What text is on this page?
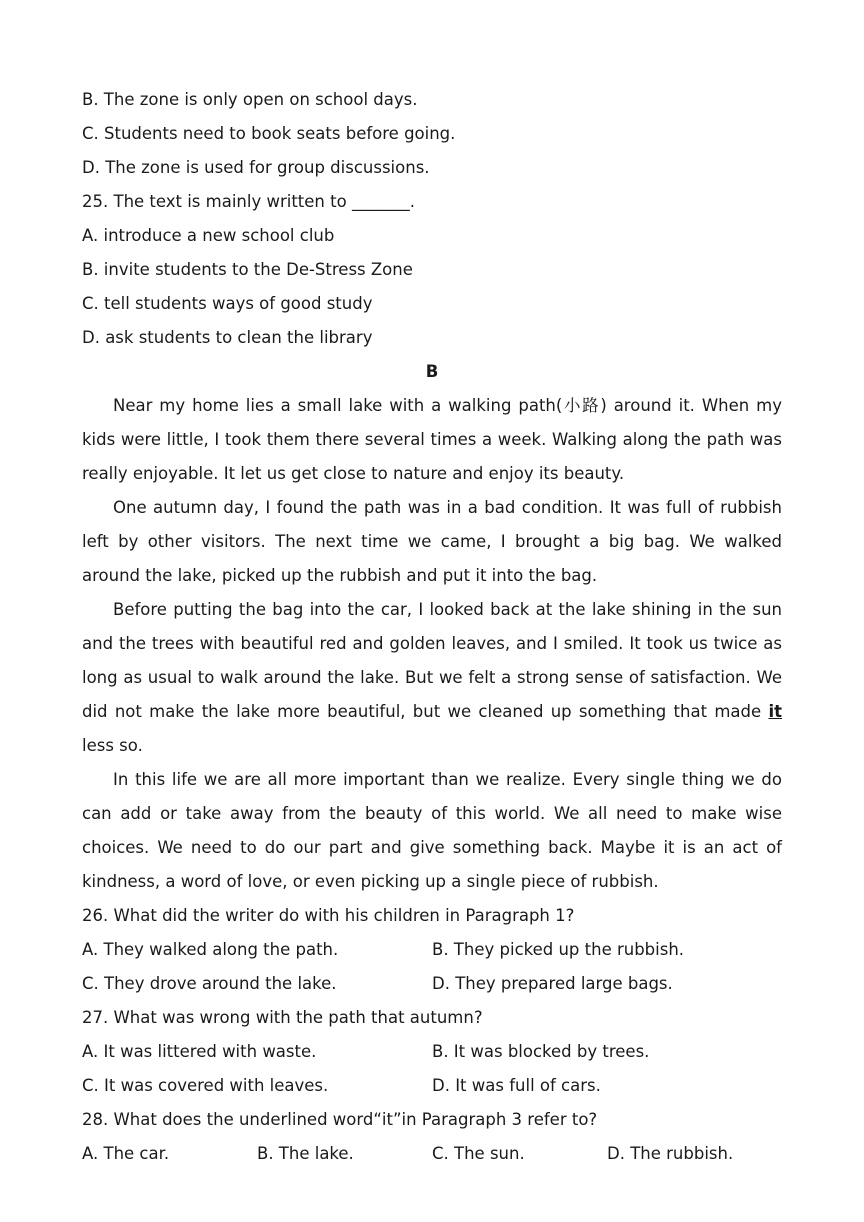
B. The zone is only open on school days.
C. Students need to book seats before going.
D. The zone is used for group discussions.
25. The text is mainly written to _______.
A. introduce a new school club
B. invite students to the De-Stress Zone
C. tell students ways of good study
D. ask students to clean the library
B

Near my home lies a small lake with a walking path(小路) around it. When my kids were little, I took them there several times a week. Walking along the path was really enjoyable. It let us get close to nature and enjoy its beauty.

One autumn day, I found the path was in a bad condition. It was full of rubbish left by other visitors. The next time we came, I brought a big bag. We walked around the lake, picked up the rubbish and put it into the bag.

Before putting the bag into the car, I looked back at the lake shining in the sun and the trees with beautiful red and golden leaves, and I smiled. It took us twice as long as usual to walk around the lake. But we felt a strong sense of satisfaction. We did not make the lake more beautiful, but we cleaned up something that made it less so.

In this life we are all more important than we realize. Every single thing we do can add or take away from the beauty of this world. We all need to make wise choices. We need to do our part and give something back. Maybe it is an act of kindness, a word of love, or even picking up a single piece of rubbish.

26. What did the writer do with his children in Paragraph 1?
A. They walked along the path.	B. They picked up the rubbish.
C. They drove around the lake.	D. They prepared large bags.
27. What was wrong with the path that autumn?
A. It was littered with waste.	B. It was blocked by trees.
C. It was covered with leaves.	D. It was full of cars.
28. What does the underlined word“it”in Paragraph 3 refer to?
A. The car.	B. The lake.	C. The sun.	D. The rubbish.
